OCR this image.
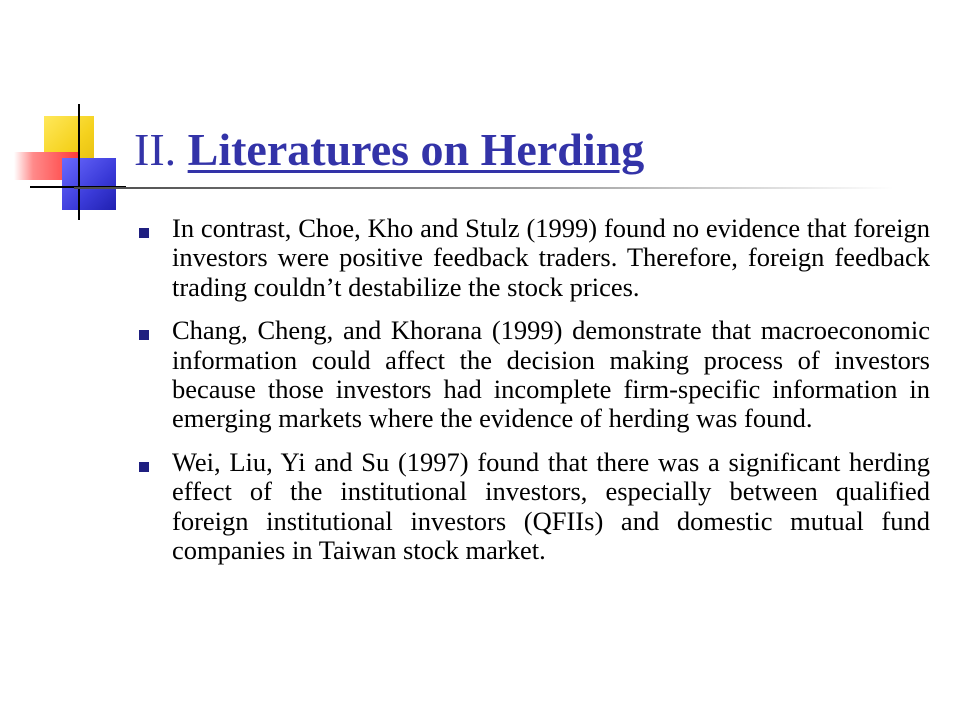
II. Literatures on Herding
In contrast, Choe, Kho and Stulz (1999) found no evidence that foreign investors were positive feedback traders. Therefore, foreign feedback trading couldn’t destabilize the stock prices.
Chang, Cheng, and Khorana (1999) demonstrate that macroeconomic information could affect the decision making process of investors because those investors had incomplete firm-specific information in emerging markets where the evidence of herding was found.
Wei, Liu, Yi and Su (1997) found that there was a significant herding effect of the institutional investors, especially between qualified foreign institutional investors (QFIIs) and domestic mutual fund companies in Taiwan stock market.
